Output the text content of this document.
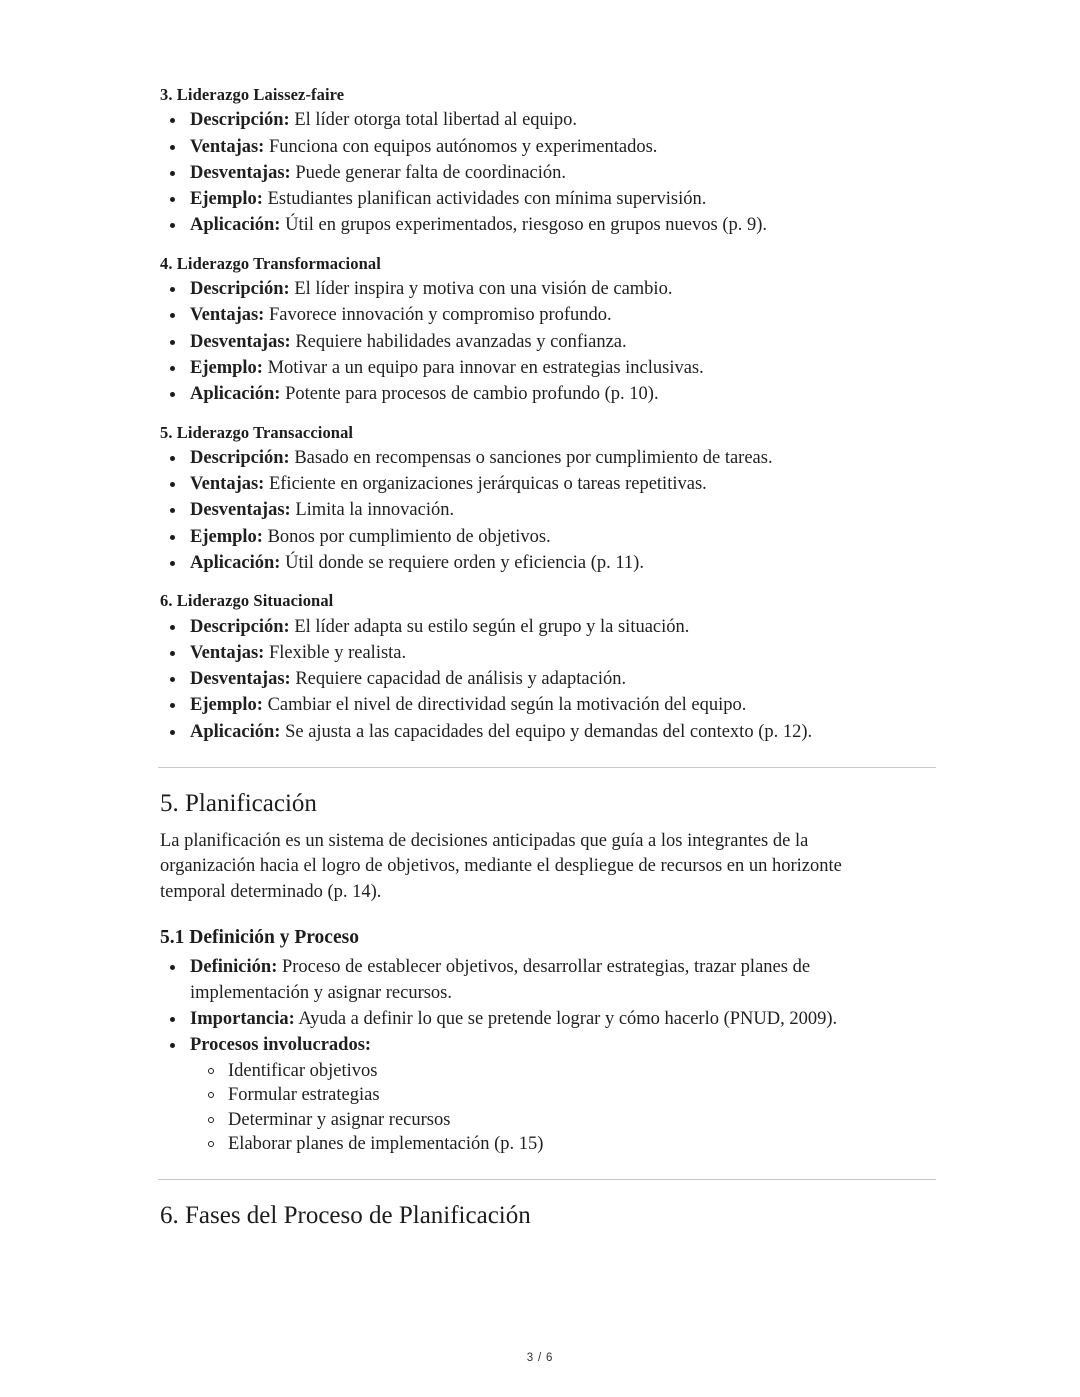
3. Liderazgo Laissez-faire
Descripción: El líder otorga total libertad al equipo.
Ventajas: Funciona con equipos autónomos y experimentados.
Desventajas: Puede generar falta de coordinación.
Ejemplo: Estudiantes planifican actividades con mínima supervisión.
Aplicación: Útil en grupos experimentados, riesgoso en grupos nuevos (p. 9).
4. Liderazgo Transformacional
Descripción: El líder inspira y motiva con una visión de cambio.
Ventajas: Favorece innovación y compromiso profundo.
Desventajas: Requiere habilidades avanzadas y confianza.
Ejemplo: Motivar a un equipo para innovar en estrategias inclusivas.
Aplicación: Potente para procesos de cambio profundo (p. 10).
5. Liderazgo Transaccional
Descripción: Basado en recompensas o sanciones por cumplimiento de tareas.
Ventajas: Eficiente en organizaciones jerárquicas o tareas repetitivas.
Desventajas: Limita la innovación.
Ejemplo: Bonos por cumplimiento de objetivos.
Aplicación: Útil donde se requiere orden y eficiencia (p. 11).
6. Liderazgo Situacional
Descripción: El líder adapta su estilo según el grupo y la situación.
Ventajas: Flexible y realista.
Desventajas: Requiere capacidad de análisis y adaptación.
Ejemplo: Cambiar el nivel de directividad según la motivación del equipo.
Aplicación: Se ajusta a las capacidades del equipo y demandas del contexto (p. 12).
5. Planificación

La planificación es un sistema de decisiones anticipadas que guía a los integrantes de la organización hacia el logro de objetivos, mediante el despliegue de recursos en un horizonte temporal determinado (p. 14).

5.1 Definición y Proceso
Definición: Proceso de establecer objetivos, desarrollar estrategias, trazar planes de implementación y asignar recursos.
Importancia: Ayuda a definir lo que se pretende lograr y cómo hacerlo (PNUD, 2009).
Procesos involucrados:
Identificar objetivos
Formular estrategias
Determinar y asignar recursos
Elaborar planes de implementación (p. 15)
6. Fases del Proceso de Planificación
3 / 6
